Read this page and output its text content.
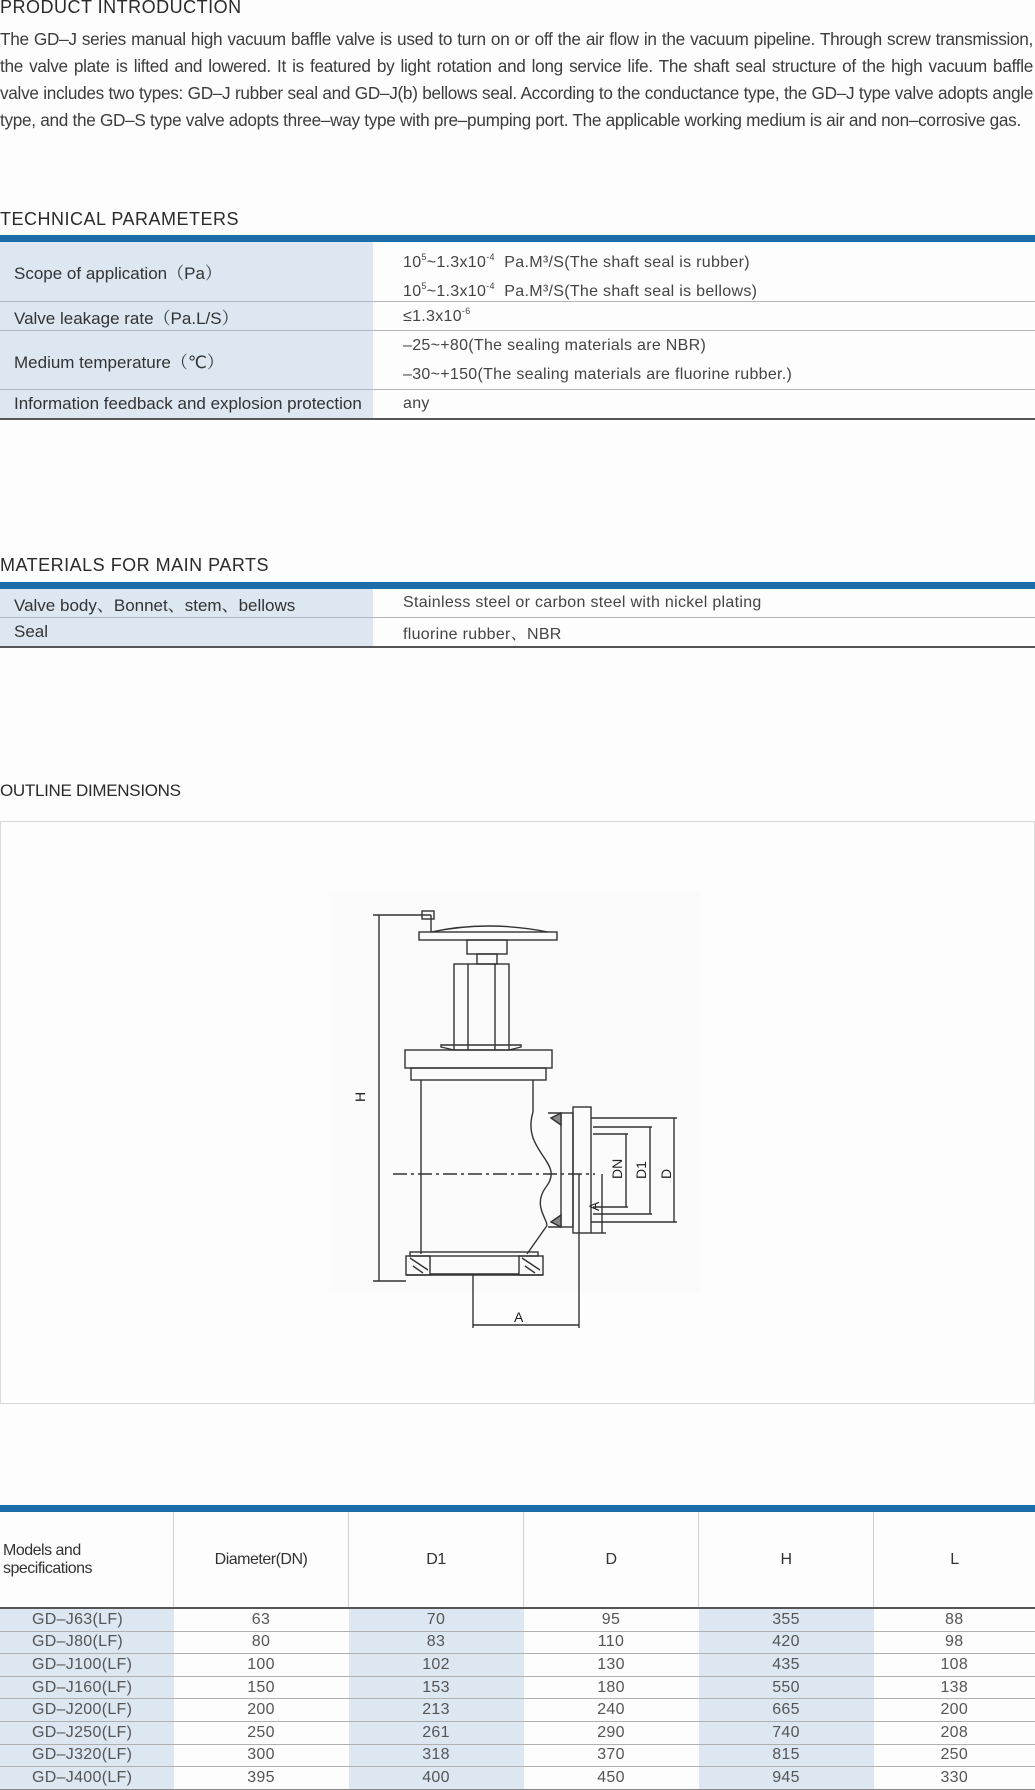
PRODUCT INTRODUCTION

The GD–J series manual high vacuum baffle valve is used to turn on or off the air flow in the vacuum pipeline. Through screw transmission, the valve plate is lifted and lowered. It is featured by light rotation and long service life. The shaft seal structure of the high vacuum baffle valve includes two types: GD–J rubber seal and GD–J(b) bellows seal. According to the conductance type, the GD–J type valve adopts angle type, and the GD–S type valve adopts three–way type with pre–pumping port. The applicable working medium is air and non–corrosive gas.

TECHNICAL PARAMETERS
Scope of application（Pa）	$10^5\sim 1.3x10^{-4}$  Pa.M³/S(The shaft seal is rubber)
$10^5\sim 1.3x10^{-4}$  Pa.M³/S(The shaft seal is bellows)

Valve leakage rate（Pa.L/S）	$\le 1.3x10^{-6}$
Medium temperature（℃）	–25~+80(The sealing materials are NBR)
–30~+150(The sealing materials are fluorine rubber.)

Information feedback and explosion protection	any
MATERIALS FOR MAIN PARTS
Valve body、Bonnet、stem、bellows	Stainless steel or carbon steel with nickel plating
Seal	fluorine rubber、NBR
OUTLINE DIMENSIONS
H
DN D1 D
A
A
Models and specifications	Diameter(DN)	D1	D	H	L
GD–J63(LF)	63	70	95	355	88
GD–J80(LF)	80	83	110	420	98
GD–J100(LF)	100	102	130	435	108
GD–J160(LF)	150	153	180	550	138
GD–J200(LF)	200	213	240	665	200
GD–J250(LF)	250	261	290	740	208
GD–J320(LF)	300	318	370	815	250
GD–J400(LF)	395	400	450	945	330
